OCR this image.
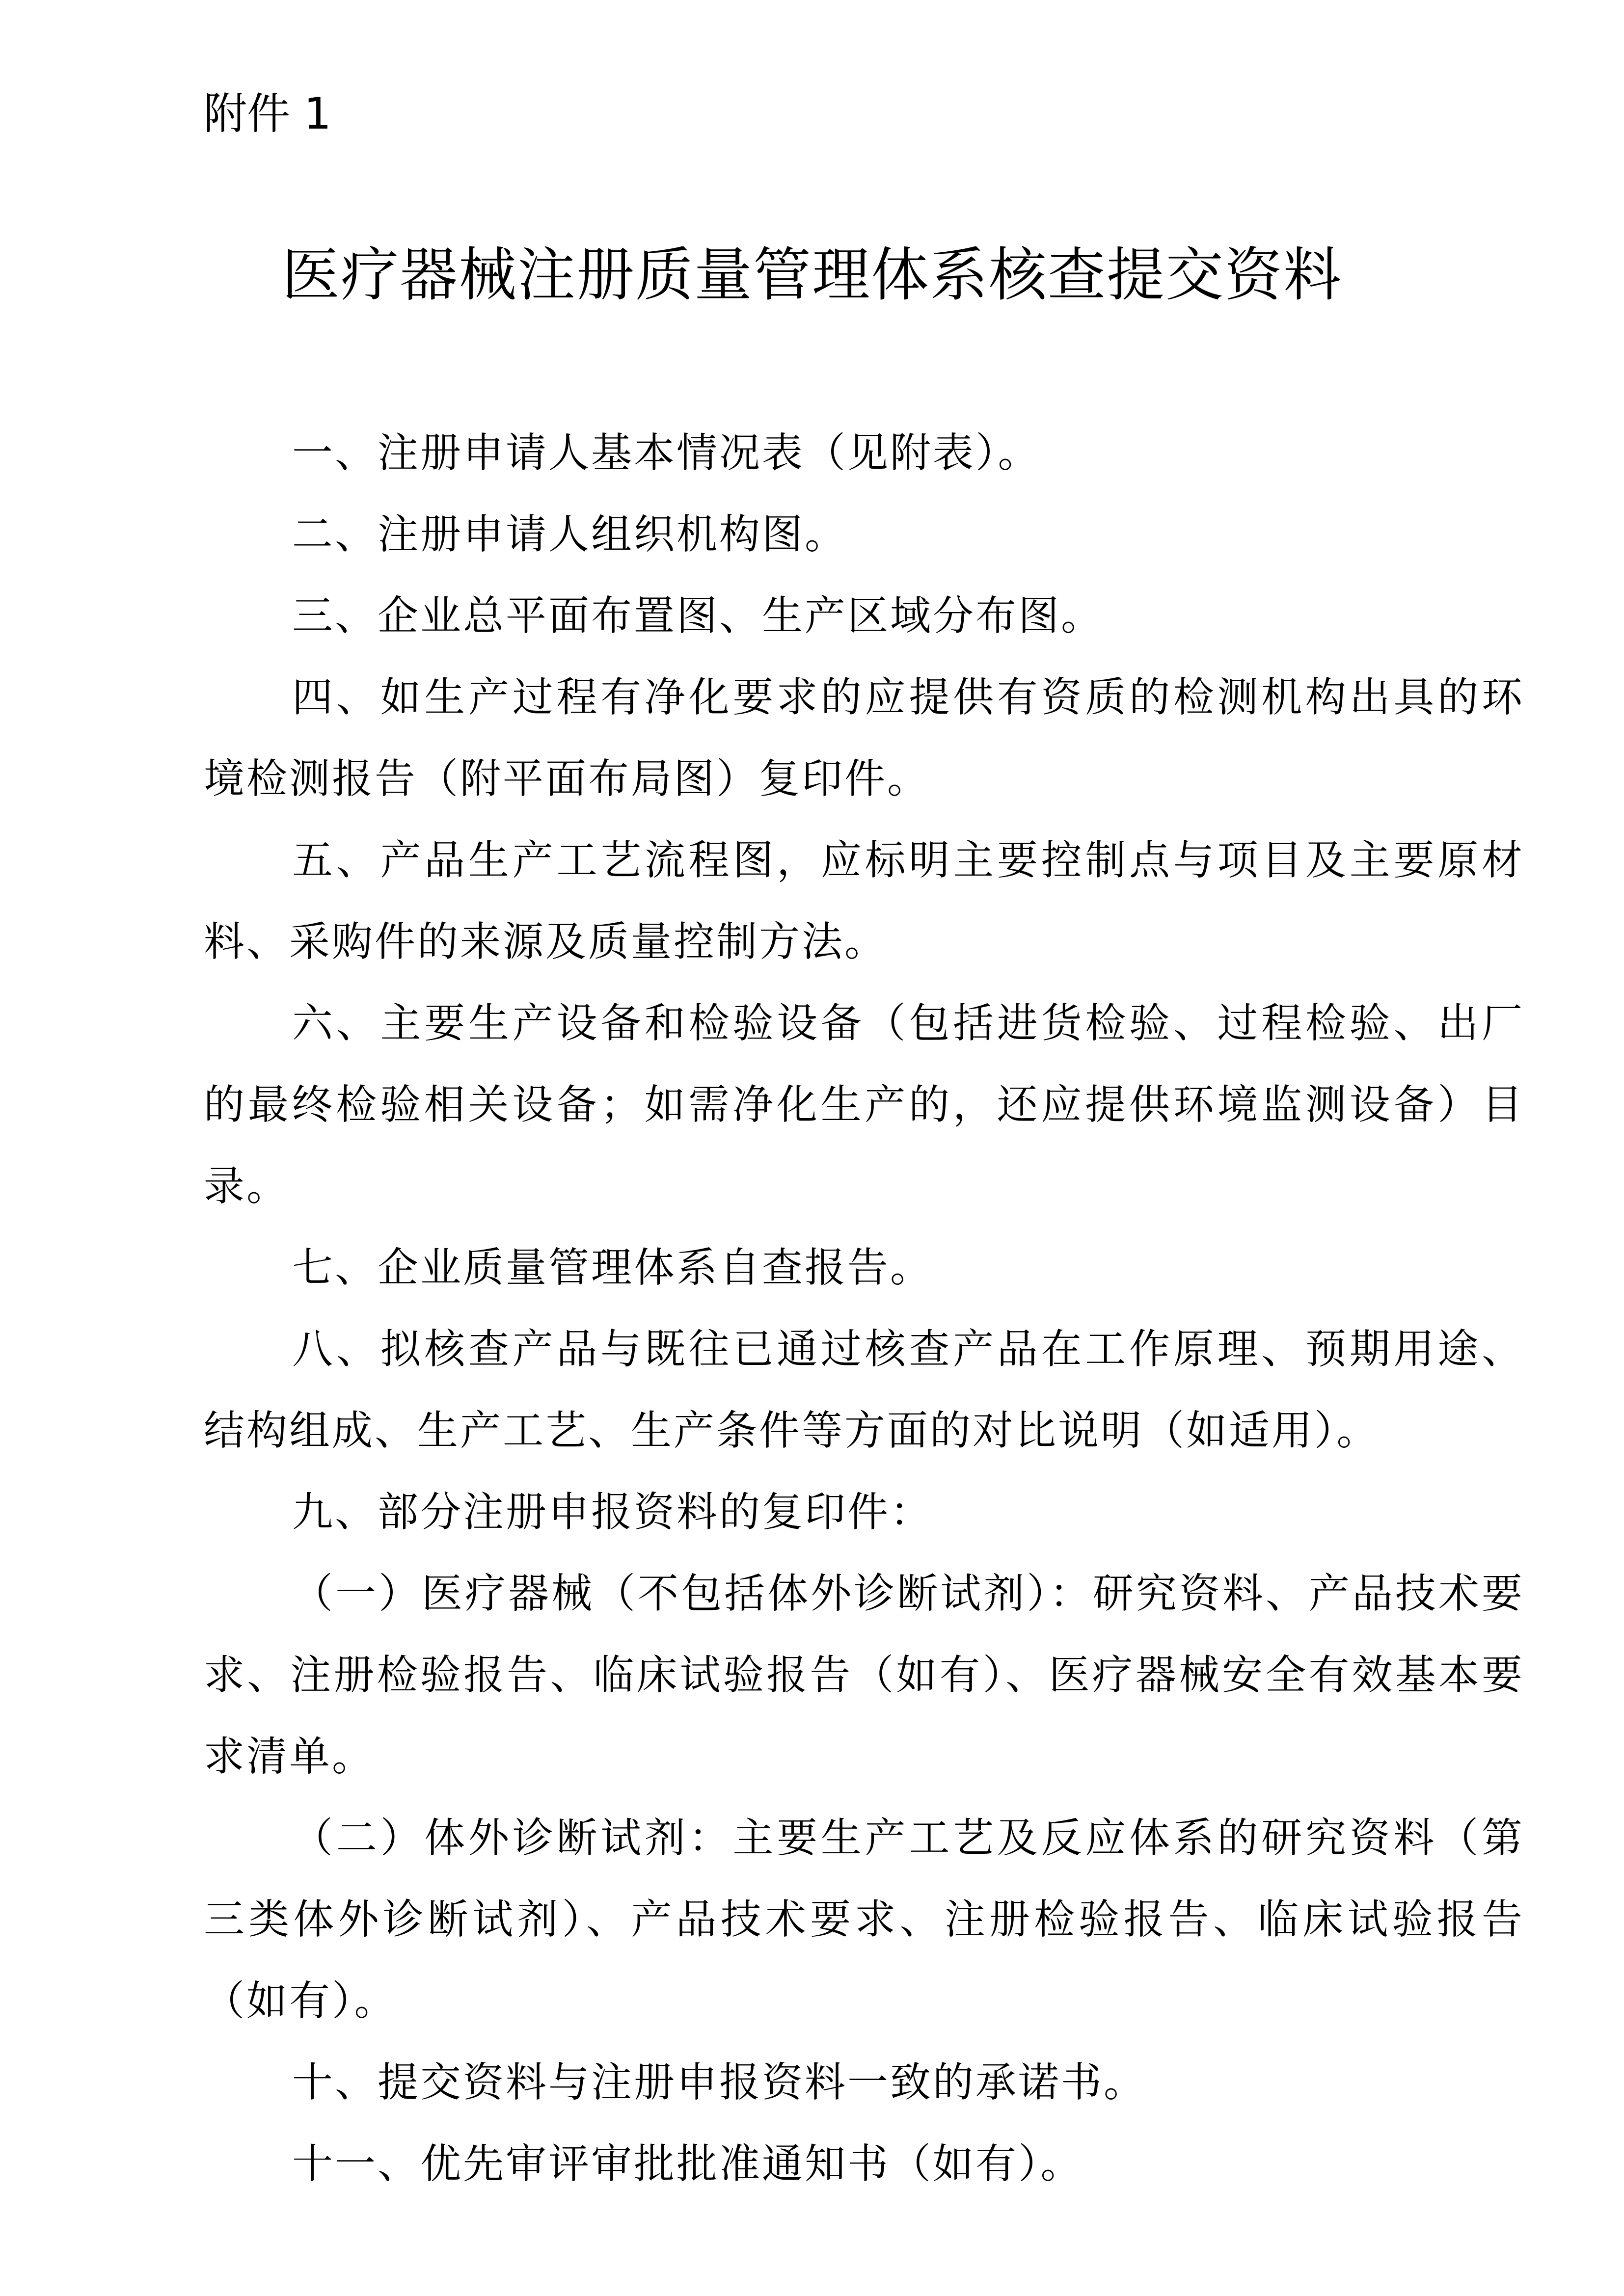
附件 1
医疗器械注册质量管理体系核查提交资料

一、注册申请人基本情况表（见附表）。

二、注册申请人组织机构图。

三、企业总平面布置图、生产区域分布图。

四、如生产过程有净化要求的应提供有资质的检测机构出具的环境检测报告（附平面布局图）复印件。

五、产品生产工艺流程图，应标明主要控制点与项目及主要原材料、采购件的来源及质量控制方法。

六、主要生产设备和检验设备（包括进货检验、过程检验、出厂的最终检验相关设备；如需净化生产的，还应提供环境监测设备）目录。

七、企业质量管理体系自查报告。

八、拟核查产品与既往已通过核查产品在工作原理、预期用途、结构组成、生产工艺、生产条件等方面的对比说明（如适用）。

九、部分注册申报资料的复印件：

（一）医疗器械（不包括体外诊断试剂）：研究资料、产品技术要求、注册检验报告、临床试验报告（如有）、医疗器械安全有效基本要求清单。

（二）体外诊断试剂：主要生产工艺及反应体系的研究资料（第三类体外诊断试剂）、产品技术要求、注册检验报告、临床试验报告（如有）。

十、提交资料与注册申报资料一致的承诺书。

十一、优先审评审批批准通知书（如有）。
